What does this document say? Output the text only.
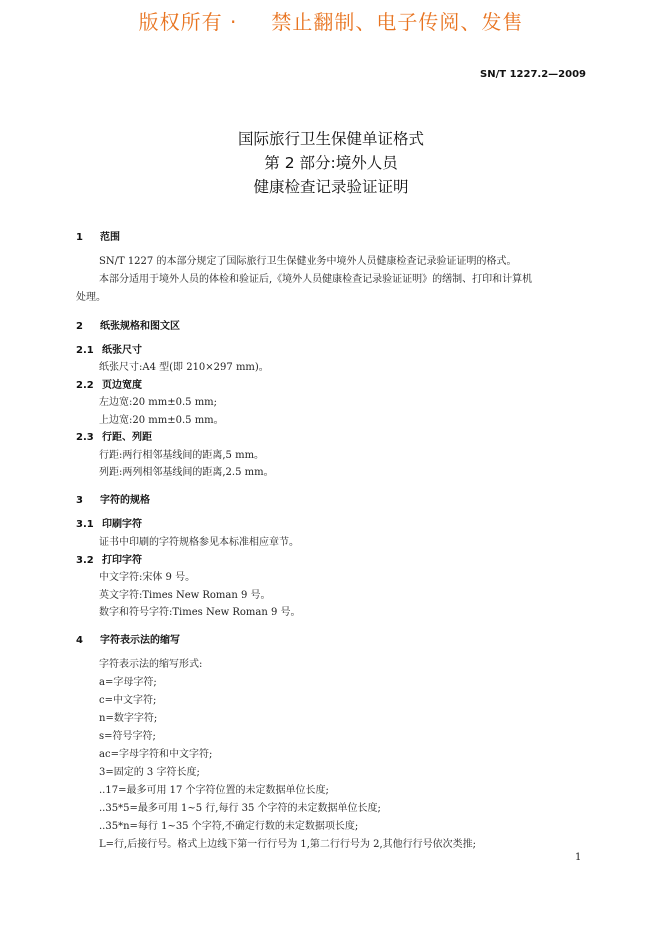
版权所有 · 禁止翻制、电子传阅、发售
SN/T 1227.2—2009
国际旅行卫生保健单证格式
第 2 部分:境外人员
健康检查记录验证证明
1 范围
SN/T 1227 的本部分规定了国际旅行卫生保健业务中境外人员健康检查记录验证证明的格式。
本部分适用于境外人员的体检和验证后,《境外人员健康检查记录验证证明》的缮制、打印和计算机
处理。
2 纸张规格和图文区
2.1 纸张尺寸
纸张尺寸:A4 型(即 210×297 mm)。
2.2 页边宽度
左边宽:20 mm±0.5 mm;
上边宽:20 mm±0.5 mm。
2.3 行距、列距
行距:两行相邻基线间的距离,5 mm。
列距:两列相邻基线间的距离,2.5 mm。
3 字符的规格
3.1 印刷字符
证书中印刷的字符规格参见本标准相应章节。
3.2 打印字符
中文字符:宋体 9 号。
英文字符:Times New Roman 9 号。
数字和符号字符:Times New Roman 9 号。
4 字符表示法的缩写
字符表示法的缩写形式:
a=字母字符;
c=中文字符;
n=数字字符;
s=符号字符;
ac=字母字符和中文字符;
3=固定的 3 字符长度;
..17=最多可用 17 个字符位置的未定数据单位长度;
..35*5=最多可用 1~5 行,每行 35 个字符的未定数据单位长度;
..35*n=每行 1~35 个字符,不确定行数的未定数据项长度;
L=行,后接行号。格式上边线下第一行行号为 1,第二行行号为 2,其他行行号依次类推;
1
